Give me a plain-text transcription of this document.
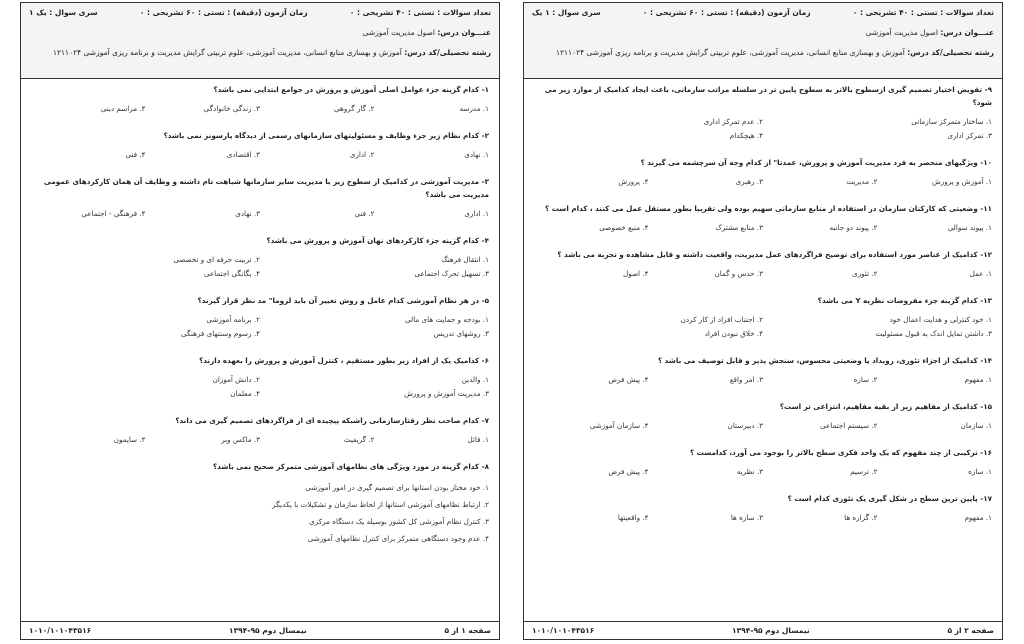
تعداد سوالات : تستی : ۴۰ تشریحی : ۰
زمان آزمون (دقیقه) : تستی : ۶۰ تشریحی : ۰
سری سوال : یک ۱
عنـــوان درس: اصول مدیریت آموزشی
رشته تحصیلی/کد درس: آموزش و بهسازی منابع انسانی، مدیریت آموزشی، علوم تربیتی گرایش مدیریت و برنامه ریزی آموزشی ۱۲۱۱۰۲۴
۱- کدام گزینه جزء عوامل اصلی آموزش و پرورش در جوامع ابتدایی نمی باشد؟
۱. مدرسه
۲. گار گروهی
۳. زندگی خانوادگی
۴. مراسم دینی
۲- کدام نظام زیر جزء وظایف و مسئولیتهای سازمانهای رسمی از دیدگاه پارسونز نمی باشد؟
۱. نهادی
۲. اداری
۳. اقتصادی
۴. فنی
۳- مدیریت آموزشی در کدامیک از سطوح زیر با مدیریت سایر سازمانها شباهت تام داشته و وظایف آن همان کارکردهای عمومی مدیریت می باشد؟
۱. اداری
۲. فنی
۳. نهادی
۴. فرهنگی - اجتماعی
۴- کدام گزینه جزء کارکردهای نهان آموزش و پرورش می باشد؟
۱. انتقال فرهنگ
۲. تربیت حرفه ای و تخصصی
۳. تسهیل تحرک اجتماعی
۴. یگانگی اجتماعی
۵- در هر نظام آموزشی کدام عامل و روش تغییر آن باید لزوما" مد نظر قرار گیرند؟
۱. بودجه و حمایت های مالی
۲. برنامه آموزشی
۳. روشهای تدریس
۴. رسوم وسنتهای فرهنگی
۶- کدامیک یک از افراد زیر بطور مستقیم ، کنترل آموزش و پرورش را بعهده دارند؟
۱. والدین
۲. دانش آموزان
۳. مدیریت آموزش و پرورش
۴. معلمان
۷- کدام صاحب نظر رفتارسازمانی راشبکه پیچیده ای از فراگردهای تصمیم گیری می داند؟
۱. فائل
۲. گریفیث
۳. ماکس وبر
۴. سایمون
۸- کدام گزینه در مورد ویژگی های نظامهای آموزشی متمرکز صحیح نمی باشد؟
۱. خود مختار بودن استانها برای تصمیم گیری در امور آموزشی
۲. ارتباط نظامهای آموزشی استانها از لحاظ سازمان و تشکیلات با یکدیگر
۳. کنترل نظام آموزشی کل کشور بوسیله یک دستگاه مرکزی
۴. عدم وجود دستگاهی متمرکز برای کنترل نظامهای آموزشی
صفحه ۱ از ۵
نیمسال دوم ۹۵-۱۳۹۴
۱۰۱۰/۱۰۱۰۴۳۵۱۶
تعداد سوالات : تستی : ۴۰ تشریحی : ۰
زمان آزمون (دقیقه) : تستی : ۶۰ تشریحی : ۰
سری سوال : ۱ یک
عنـــوان درس: اصول مدیریت آموزشی
رشته تحصیلی/کد درس: آموزش و بهسازی منابع انسانی، مدیریت آموزشی، علوم تربیتی گرایش مدیریت و برنامه ریزی آموزشی ۱۲۱۱۰۲۴
۹- تفویض اختیار تصمیم گیری ازسطوح بالاتر به سطوح پایین تر در سلسله مراتب سازمانی، باعث ایجاد کدامیک از موارد زیر می شود؟
۱. ساختار متمرکز سازمانی
۲. عدم تمرکز اداری
۳. تمرکز اداری
۴. هیچکدام
۱۰- ویژگیهای منحصر به فرد مدیریت آموزش و پرورش، عمدتا" از کدام وجه آن سرچشمه می گیرند ؟
۱. آموزش و پرورش
۲. مدیریت
۳. رهبری
۴. پرورش
۱۱- وضعیتی که کارکنان سازمان در استفاده از منابع سازمانی سهیم بوده ولی تقریبا بطور مستقل عمل می کنند ، کدام است ؟
۱. پیوند سوالی
۲. پیوند دو جانبه
۳. منابع مشترک
۴. منبع خصوصی
۱۲- کدامیک از عناصر مورد استفاده برای توضیح فراگردهای عمل مدیریت، واقعیت داشته و قابل مشاهده و تجربه می باشد ؟
۱. عمل
۲. تئوری
۳. حدس و گمان
۴. اصول
۱۳- کدام گزینه جزء مفروضات نظریه Y می باشد؟
۱. خود کنترلی و هدایت اعمال خود
۲. اجتناب افراد از کار کردن
۳. داشتن تمایل اندک به قبول مسئولیت
۴. خلاق نبودن افراد
۱۴- کدامیک از اجزاء تئوری، رویداد یا وضعیتی محسوس، سنجش پذیر و قابل توصیف می باشد ؟
۱. مفهوم
۲. سازه
۳. امر واقع
۴. پیش فرض
۱۵- کدامیک از مفاهیم زیر از بقیه مفاهیم، انتزاعی تر است؟
۱. سازمان
۲. سیستم اجتماعی
۳. دبیرستان
۴. سازمان آموزشی
۱۶- ترکیبی از چند مفهوم که یک واحد فکری سطح بالاتر را بوجود می آورد، کدامست ؟
۱. سازه
۲. ترسیم
۳. نظریه
۴. پیش فرض
۱۷- پایین ترین سطح در شکل گیری یک تئوری کدام است ؟
۱. مفهوم
۲. گزاره ها
۳. سازه ها
۴. واقعیتها
صفحه ۲ از ۵
نیمسال دوم ۹۵-۱۳۹۴
۱۰۱۰/۱۰۱۰۴۳۵۱۶
